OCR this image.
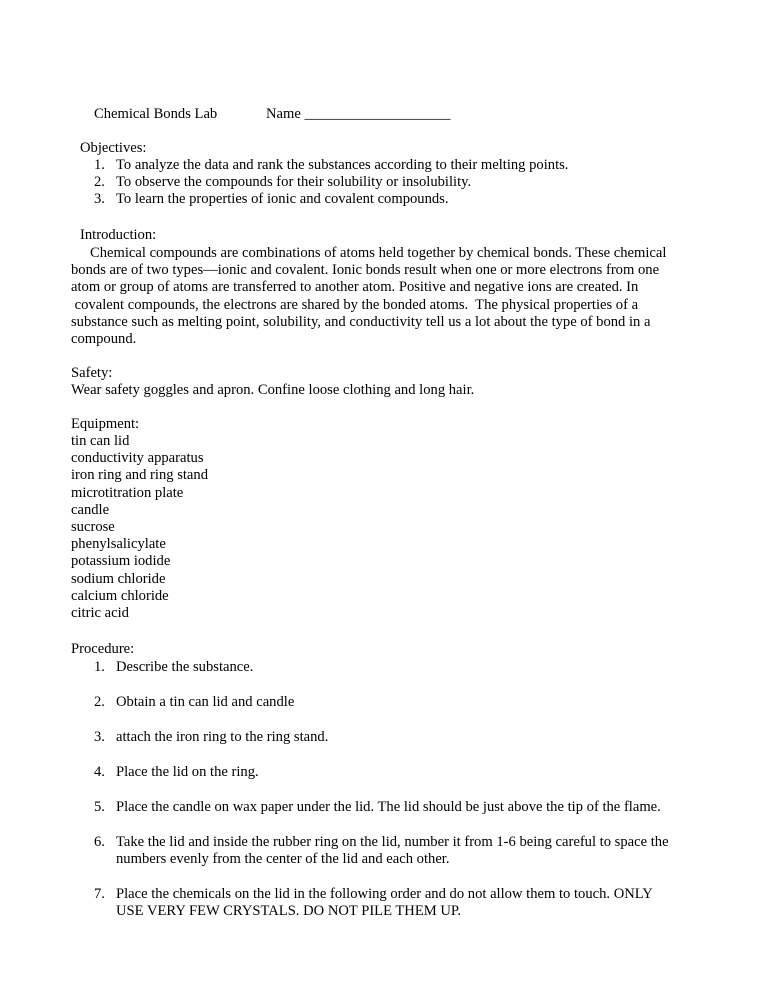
Chemical Bonds Lab	Name ____________________
Objectives:
1. To analyze the data and rank the substances according to their melting points.
2. To observe the compounds for their solubility or insolubility.
3. To learn the properties of ionic and covalent compounds.
Introduction:
Chemical compounds are combinations of atoms held together by chemical bonds. These chemical
bonds are of two types—ionic and covalent. Ionic bonds result when one or more electrons from one
atom or group of atoms are transferred to another atom. Positive and negative ions are created. In
covalent compounds, the electrons are shared by the bonded atoms.  The physical properties of a
substance such as melting point, solubility, and conductivity tell us a lot about the type of bond in a
compound.
Safety:
Wear safety goggles and apron. Confine loose clothing and long hair.
Equipment:
tin can lid
conductivity apparatus
iron ring and ring stand
microtitration plate
candle
sucrose
phenylsalicylate
potassium iodide
sodium chloride
calcium chloride
citric acid
Procedure:
1. Describe the substance.
2. Obtain a tin can lid and candle
3. attach the iron ring to the ring stand.
4. Place the lid on the ring.
5. Place the candle on wax paper under the lid. The lid should be just above the tip of the flame.
6. Take the lid and inside the rubber ring on the lid, number it from 1-6 being careful to space the
numbers evenly from the center of the lid and each other.
7. Place the chemicals on the lid in the following order and do not allow them to touch. ONLY
USE VERY FEW CRYSTALS. DO NOT PILE THEM UP.
